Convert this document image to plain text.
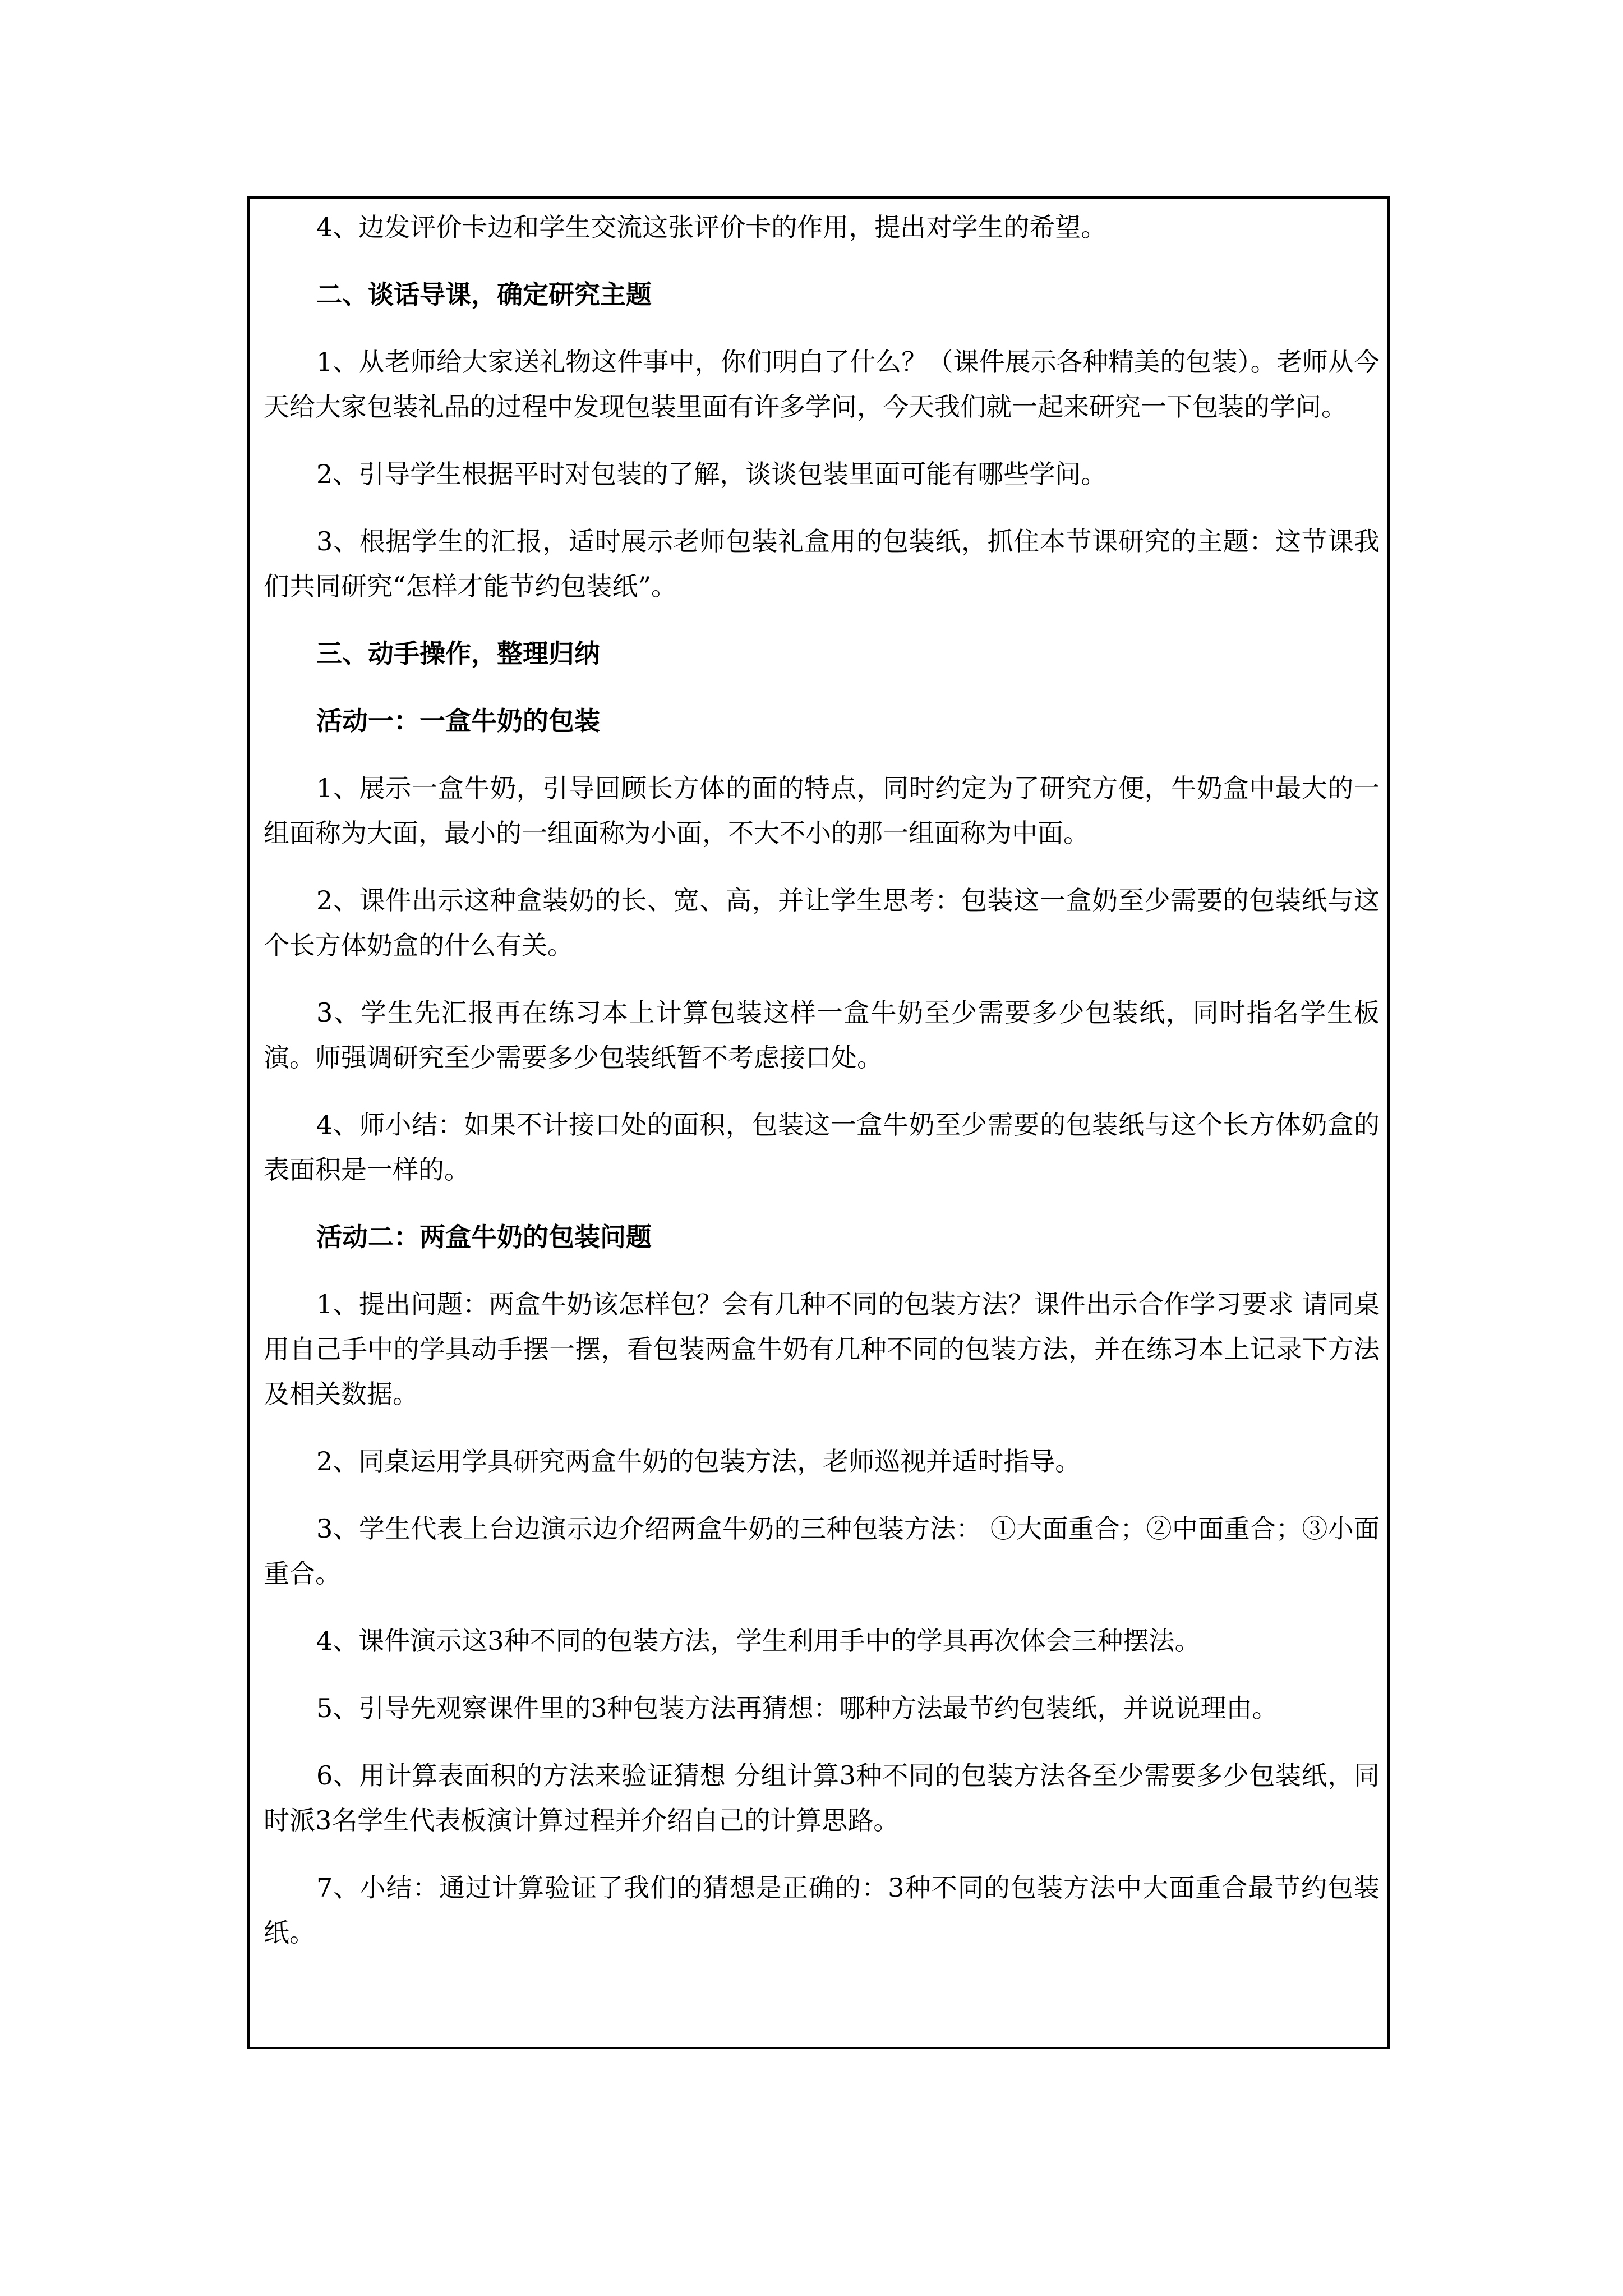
4、边发评价卡边和学生交流这张评价卡的作用，提出对学生的希望。

二、谈话导课，确定研究主题

1、从老师给大家送礼物这件事中，你们明白了什么？（课件展示各种精美的包装）。老师从今天给大家包装礼品的过程中发现包装里面有许多学问，今天我们就一起来研究一下包装的学问。

2、引导学生根据平时对包装的了解，谈谈包装里面可能有哪些学问。

3、根据学生的汇报，适时展示老师包装礼盒用的包装纸，抓住本节课研究的主题：这节课我们共同研究“怎样才能节约包装纸”。

三、动手操作，整理归纳

活动一：一盒牛奶的包装

1、展示一盒牛奶，引导回顾长方体的面的特点，同时约定为了研究方便，牛奶盒中最大的一组面称为大面，最小的一组面称为小面，不大不小的那一组面称为中面。

2、课件出示这种盒装奶的长、宽、高，并让学生思考：包装这一盒奶至少需要的包装纸与这个长方体奶盒的什么有关。

3、学生先汇报再在练习本上计算包装这样一盒牛奶至少需要多少包装纸，同时指名学生板演。师强调研究至少需要多少包装纸暂不考虑接口处。

4、师小结：如果不计接口处的面积，包装这一盒牛奶至少需要的包装纸与这个长方体奶盒的表面积是一样的。

活动二：两盒牛奶的包装问题

1、提出问题：两盒牛奶该怎样包？会有几种不同的包装方法？课件出示合作学习要求 请同桌用自己手中的学具动手摆一摆，看包装两盒牛奶有几种不同的包装方法，并在练习本上记录下方法及相关数据。

2、同桌运用学具研究两盒牛奶的包装方法，老师巡视并适时指导。

3、学生代表上台边演示边介绍两盒牛奶的三种包装方法： ①大面重合；②中面重合；③小面重合。

4、课件演示这3种不同的包装方法，学生利用手中的学具再次体会三种摆法。

5、引导先观察课件里的3种包装方法再猜想：哪种方法最节约包装纸，并说说理由。

6、用计算表面积的方法来验证猜想 分组计算3种不同的包装方法各至少需要多少包装纸，同时派3名学生代表板演计算过程并介绍自己的计算思路。

7、小结：通过计算验证了我们的猜想是正确的：3种不同的包装方法中大面重合最节约包装纸。
